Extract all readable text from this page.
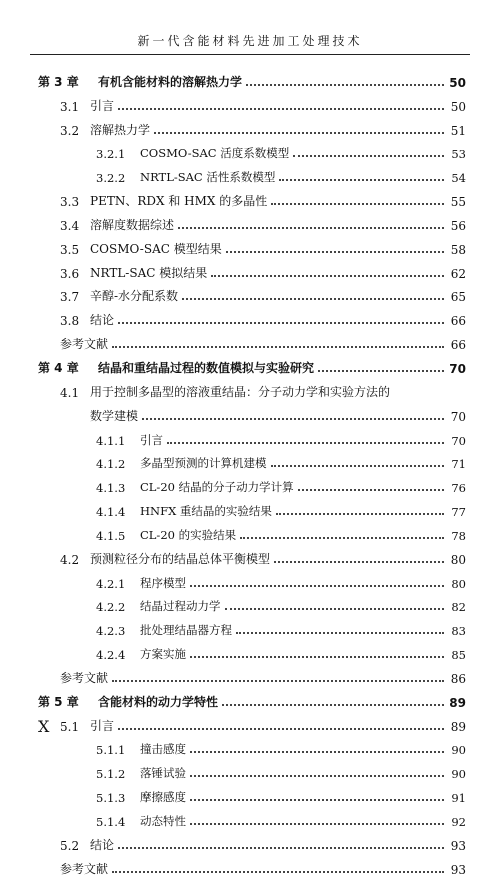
新一代含能材料先进加工处理技术
第 3 章	有机含能材料的溶解热力学	50
3.1 引言	50
3.2 溶解热力学	51
3.2.1	COSMO-SAC 活度系数模型	53
3.2.2	NRTL-SAC 活性系数模型	54
3.3 PETN、RDX 和 HMX 的多晶性	55
3.4 溶解度数据综述	56
3.5 COSMO-SAC 模型结果	58
3.6 NRTL-SAC 模拟结果	62
3.7 辛醇-水分配系数	65
3.8 结论	66
参考文献	66
第 4 章	结晶和重结晶过程的数值模拟与实验研究	70
4.1 用于控制多晶型的溶液重结晶：分子动力学和实验方法的
数学建模	70
4.1.1	引言	70
4.1.2	多晶型预测的计算机建模	71
4.1.3	CL-20 结晶的分子动力学计算	76
4.1.4	HNFX 重结晶的实验结果	77
4.1.5	CL-20 的实验结果	78
4.2 预测粒径分布的结晶总体平衡模型	80
4.2.1	程序模型	80
4.2.2	结晶过程动力学	82
4.2.3	批处理结晶器方程	83
4.2.4	方案实施	85
参考文献	86
第 5 章	含能材料的动力学特性	89
5.1 引言	89
5.1.1	撞击感度	90
5.1.2	落锤试验	90
5.1.3	摩擦感度	91
5.1.4	动态特性	92
5.2 结论	93
参考文献	93
X
